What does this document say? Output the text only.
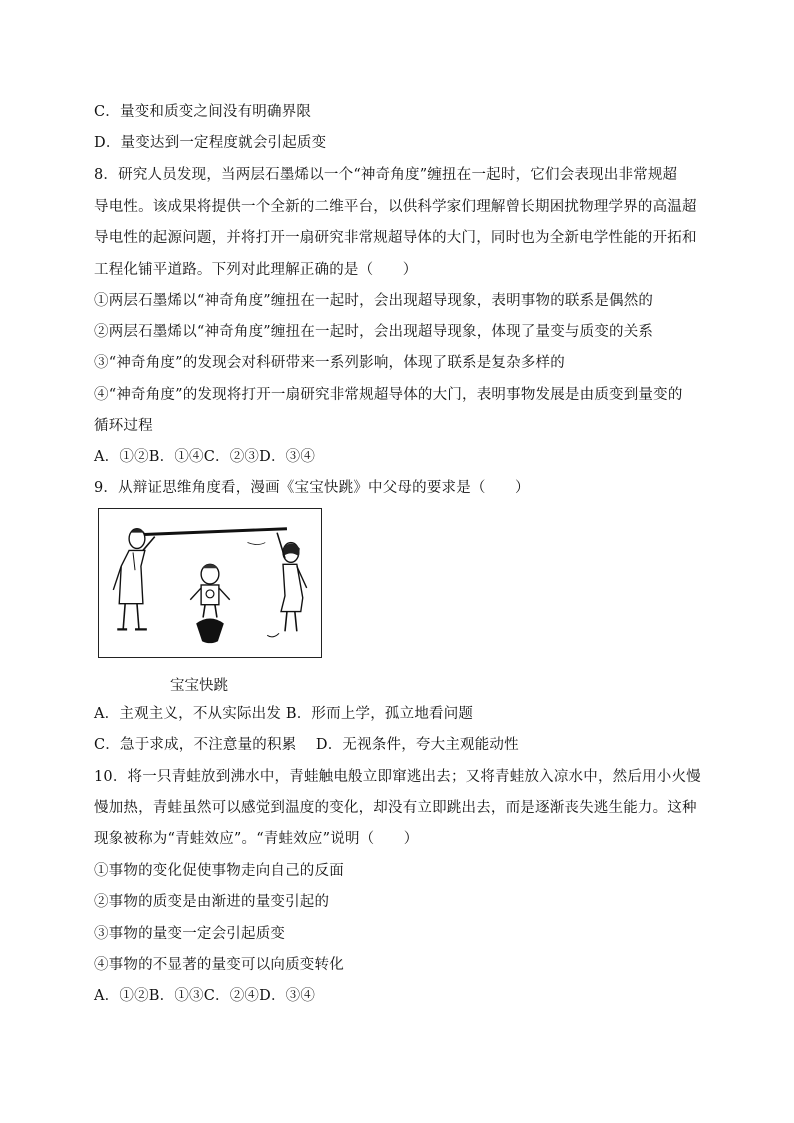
C．量变和质变之间没有明确界限
D．量变达到一定程度就会引起质变
8．研究人员发现，当两层石墨烯以一个“神奇角度”缠扭在一起时，它们会表现出非常规超
导电性。该成果将提供一个全新的二维平台，以供科学家们理解曾长期困扰物理学界的高温超
导电性的起源问题，并将打开一扇研究非常规超导体的大门，同时也为全新电学性能的开拓和
工程化铺平道路。下列对此理解正确的是（　　）
①两层石墨烯以“神奇角度”缠扭在一起时，会出现超导现象，表明事物的联系是偶然的
②两层石墨烯以“神奇角度”缠扭在一起时，会出现超导现象，体现了量变与质变的关系
③“神奇角度”的发现会对科研带来一系列影响，体现了联系是复杂多样的
④“神奇角度”的发现将打开一扇研究非常规超导体的大门，表明事物发展是由质变到量变的
循环过程
A．①②B．①④C．②③D．③④
9．从辩证思维角度看，漫画《宝宝快跳》中父母的要求是（　　）
宝宝快跳
A．主观主义，不从实际出发 B．形而上学，孤立地看问题
C．急于求成，不注意量的积累　 D．无视条件，夸大主观能动性
10．将一只青蛙放到沸水中，青蛙触电般立即窜逃出去；又将青蛙放入凉水中，然后用小火慢
慢加热，青蛙虽然可以感觉到温度的变化，却没有立即跳出去，而是逐渐丧失逃生能力。这种
现象被称为“青蛙效应”。“青蛙效应”说明（　　）
①事物的变化促使事物走向自己的反面
②事物的质变是由渐进的量变引起的
③事物的量变一定会引起质变
④事物的不显著的量变可以向质变转化
A．①②B．①③C．②④D．③④
